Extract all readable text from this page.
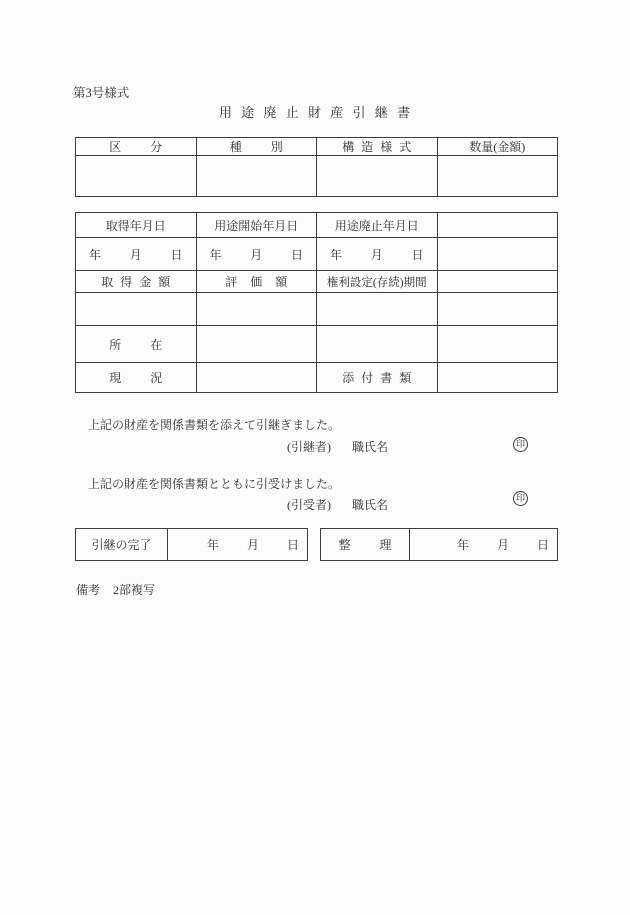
第3号様式
用 途 廃 止 財 産 引 継 書
区 分	種 別	構 造 様 式	数量(金額)

取得年月日	用途開始年月日	用途廃止年月日	

年 月 日	年 月 日	年 月 日	

取 得 金 額	評 価 額	権利設定(存続)期間	

所 在			
現 況		添 付 書 類	
上記の財産を関係書類を添えて引継ぎました。
(引継者) 職氏名	印
上記の財産を関係書類とともに引受けました。
(引受者) 職氏名	印
引継の完了	年 月 日	整 理	年 月 日
備考 2部複写
